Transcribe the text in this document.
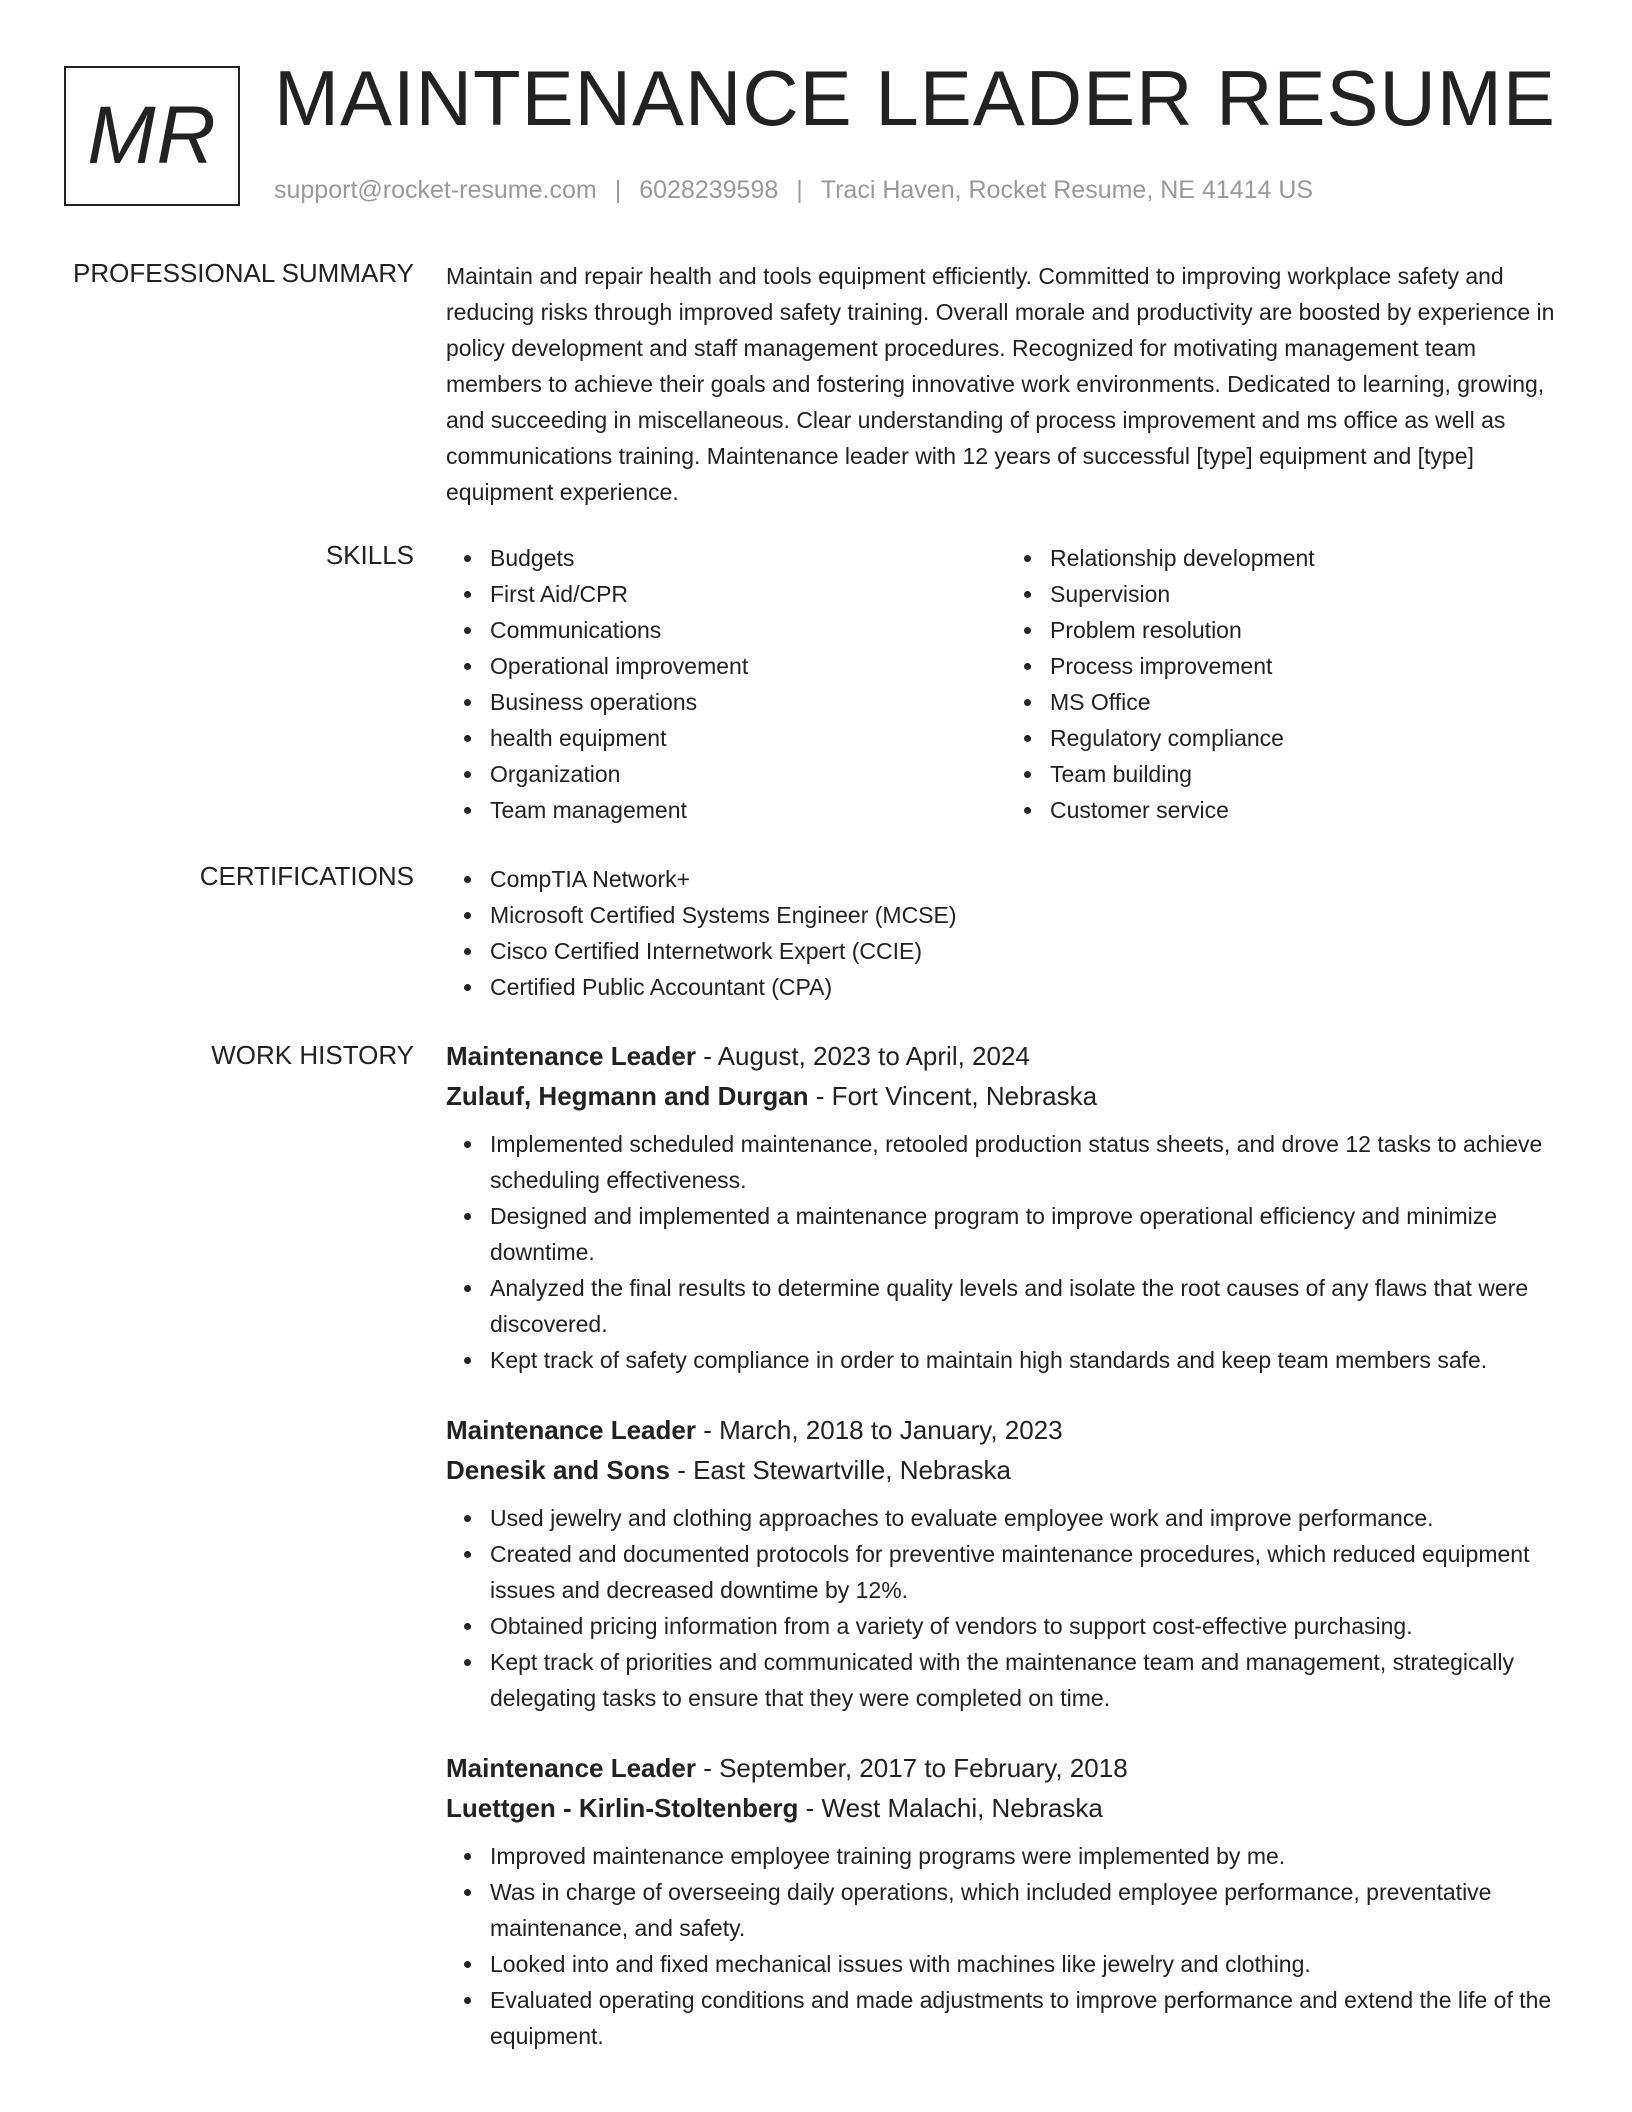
MR MAINTENANCE LEADER RESUME
support@rocket-resume.com | 6028239598 | Traci Haven, Rocket Resume, NE 41414 US
PROFESSIONAL SUMMARY Maintain and repair health and tools equipment efficiently. Committed to improving workplace safety and reducing risks through improved safety training. Overall morale and productivity are boosted by experience in policy development and staff management procedures. Recognized for motivating management team members to achieve their goals and fostering innovative work environments. Dedicated to learning, growing, and succeeding in miscellaneous. Clear understanding of process improvement and ms office as well as communications training. Maintenance leader with 12 years of successful [type] equipment and [type] equipment experience.

SKILLS	Budgets
First Aid/CPR
Communications
Operational improvement
Business operations
health equipment
Organization
Team management
Relationship development
Supervision
Problem resolution
Process improvement
MS Office
Regulatory compliance
Team building
Customer service
CERTIFICATIONS	CompTIA Network+
Microsoft Certified Systems Engineer (MCSE)
Cisco Certified Internetwork Expert (CCIE)
Certified Public Accountant (CPA)
WORK HISTORY Maintenance Leader - August, 2023 to April, 2024
Zulauf, Hegmann and Durgan - Fort Vincent, Nebraska
Implemented scheduled maintenance, retooled production status sheets, and drove 12 tasks to achieve scheduling effectiveness.
Designed and implemented a maintenance program to improve operational efficiency and minimize downtime.
Analyzed the final results to determine quality levels and isolate the root causes of any flaws that were discovered.
Kept track of safety compliance in order to maintain high standards and keep team members safe.
Maintenance Leader - March, 2018 to January, 2023
Denesik and Sons - East Stewartville, Nebraska
Used jewelry and clothing approaches to evaluate employee work and improve performance.
Created and documented protocols for preventive maintenance procedures, which reduced equipment issues and decreased downtime by 12%.
Obtained pricing information from a variety of vendors to support cost-effective purchasing.
Kept track of priorities and communicated with the maintenance team and management, strategically delegating tasks to ensure that they were completed on time.
Maintenance Leader - September, 2017 to February, 2018
Luettgen - Kirlin-Stoltenberg - West Malachi, Nebraska
Improved maintenance employee training programs were implemented by me.
Was in charge of overseeing daily operations, which included employee performance, preventative maintenance, and safety.
Looked into and fixed mechanical issues with machines like jewelry and clothing.
Evaluated operating conditions and made adjustments to improve performance and extend the life of the equipment.
